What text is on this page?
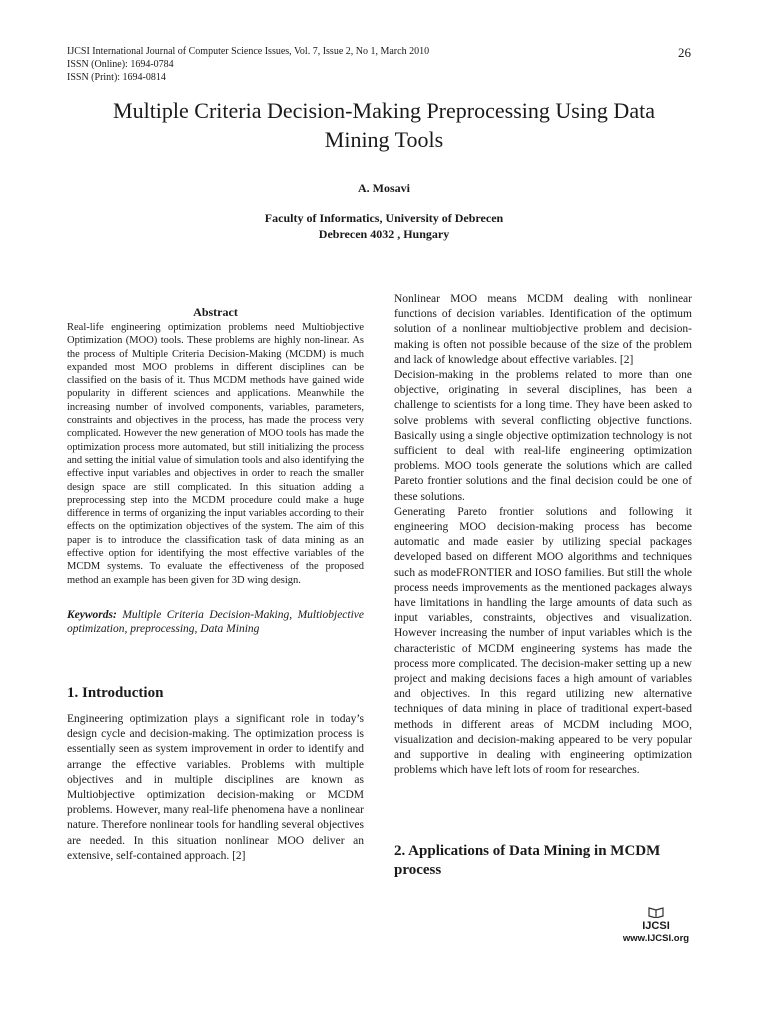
IJCSI International Journal of Computer Science Issues, Vol. 7, Issue 2, No 1, March 2010
ISSN (Online): 1694-0784
ISSN (Print): 1694-0814
26
Multiple Criteria Decision-Making Preprocessing Using Data
Mining Tools
A. Mosavi
Faculty of Informatics, University of Debrecen
Debrecen 4032 , Hungary

Abstract

Real-life engineering optimization problems need Multiobjective Optimization (MOO) tools. These problems are highly non-linear. As the process of Multiple Criteria Decision-Making (MCDM) is much expanded most MOO problems in different disciplines can be classified on the basis of it. Thus MCDM methods have gained wide popularity in different sciences and applications. Meanwhile the increasing number of involved components, variables, parameters, constraints and objectives in the process, has made the process very complicated. However the new generation of MOO tools has made the optimization process more automated, but still initializing the process and setting the initial value of simulation tools and also identifying the effective input variables and objectives in order to reach the smaller design space are still complicated. In this situation adding a preprocessing step into the MCDM procedure could make a huge difference in terms of organizing the input variables according to their effects on the optimization objectives of the system. The aim of this paper is to introduce the classification task of data mining as an effective option for identifying the most effective variables of the MCDM systems. To evaluate the effectiveness of the proposed method an example has been given for 3D wing design.

Keywords: Multiple Criteria Decision-Making, Multiobjective optimization, preprocessing, Data Mining

1. Introduction

Engineering optimization plays a significant role in today’s design cycle and decision-making. The optimization process is essentially seen as system improvement in order to identify and arrange the effective variables. Problems with multiple objectives and in multiple disciplines are known as Multiobjective optimization decision-making or MCDM problems. However, many real-life phenomena have a nonlinear nature. Therefore nonlinear tools for handling several objectives are needed. In this situation nonlinear MOO deliver an extensive, self-contained approach. [2]

Nonlinear MOO means MCDM dealing with nonlinear functions of decision variables. Identification of the optimum solution of a nonlinear multiobjective problem and decision-making is often not possible because of the size of the problem and lack of knowledge about effective variables. [2]

Decision-making in the problems related to more than one objective, originating in several disciplines, has been a challenge to scientists for a long time. They have been asked to solve problems with several conflicting objective functions. Basically using a single objective optimization technology is not sufficient to deal with real-life engineering optimization problems. MOO tools generate the solutions which are called Pareto frontier solutions and the final decision could be one of these solutions.

Generating Pareto frontier solutions and following it engineering MOO decision-making process has become automatic and made easier by utilizing special packages developed based on different MOO algorithms and techniques such as modeFRONTIER and IOSO families. But still the whole process needs improvements as the mentioned packages always have limitations in handling the large amounts of data such as input variables, constraints, objectives and visualization. However increasing the number of input variables which is the characteristic of MCDM engineering systems has made the process more complicated. The decision-maker setting up a new project and making decisions faces a high amount of variables and objectives. In this regard utilizing new alternative techniques of data mining in place of traditional expert-based methods in different areas of MCDM including MOO, visualization and decision-making appeared to be very popular and supportive in dealing with engineering optimization problems which have left lots of room for researches.

2. Applications of Data Mining in MCDM process

IJCSI
www.IJCSI.org
